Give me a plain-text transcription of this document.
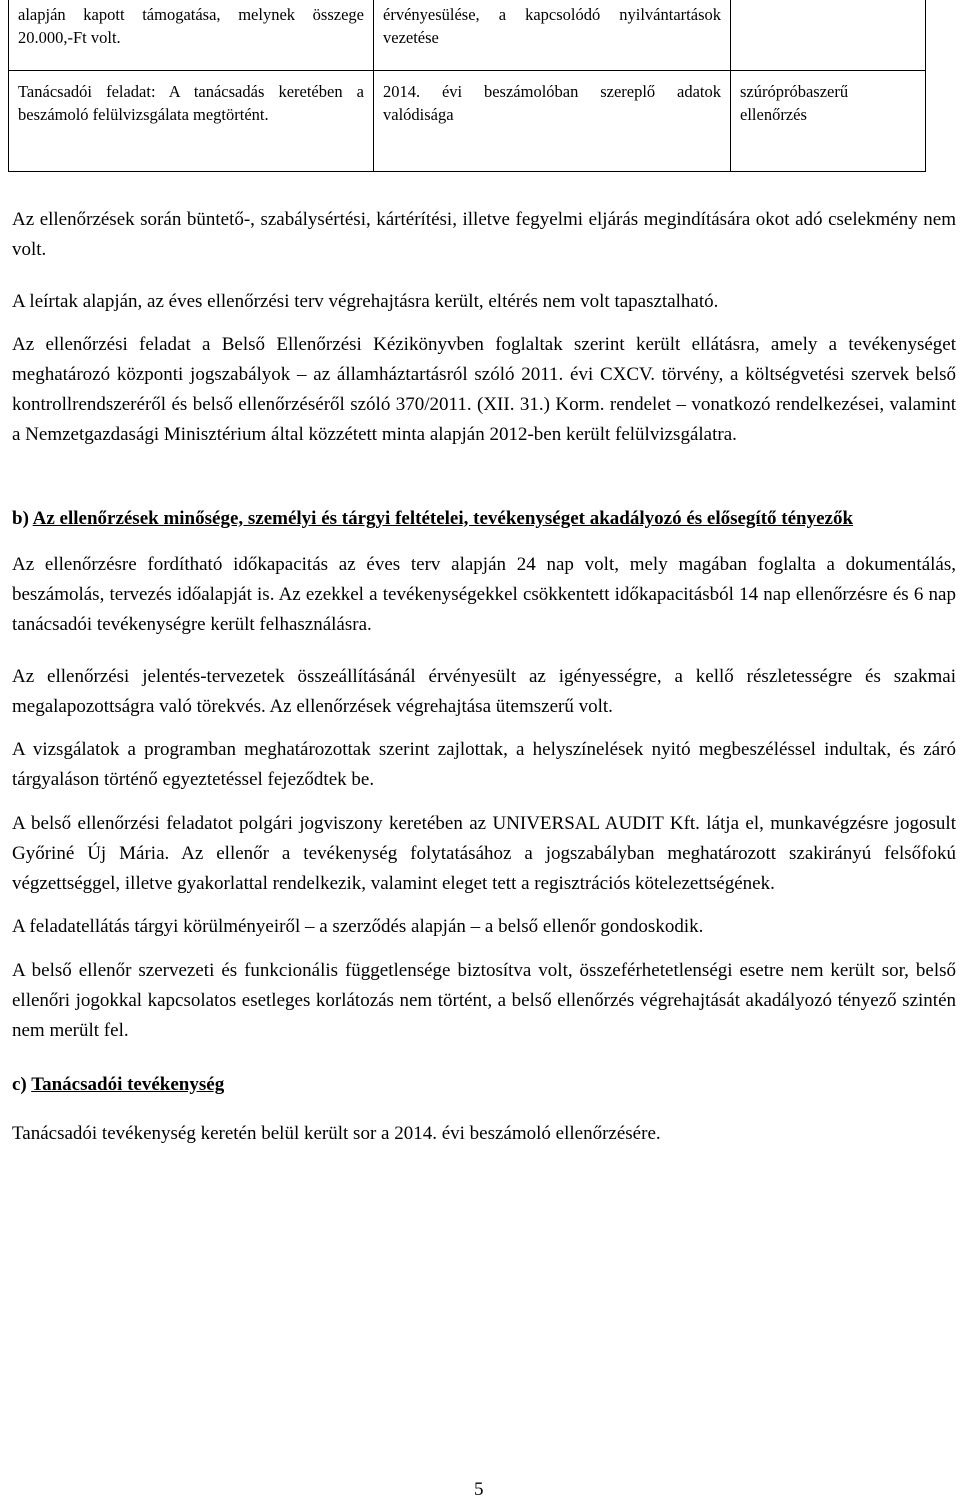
alapján kapott támogatása, melynek összege 20.000,-Ft volt.	érvényesülése, a kapcsolódó nyilvántartások vezetése	
Tanácsadói feladat: A tanácsadás keretében a beszámoló felülvizsgálata megtörtént.	2014. évi beszámolóban szereplő adatok valódisága	szúrópróbaszerű ellenőrzés

Az ellenőrzések során büntető-, szabálysértési, kártérítési, illetve fegyelmi eljárás megindítására okot adó cselekmény nem volt.

A leírtak alapján, az éves ellenőrzési terv végrehajtásra került, eltérés nem volt tapasztalható.

Az ellenőrzési feladat a Belső Ellenőrzési Kézikönyvben foglaltak szerint került ellátásra, amely a tevékenységet meghatározó központi jogszabályok – az államháztartásról szóló 2011. évi CXCV. törvény, a költségvetési szervek belső kontrollrendszeréről és belső ellenőrzéséről szóló 370/2011. (XII. 31.) Korm. rendelet – vonatkozó rendelkezései, valamint a Nemzetgazdasági Minisztérium által közzétett minta alapján 2012-ben került felülvizsgálatra.

b) Az ellenőrzések minősége, személyi és tárgyi feltételei, tevékenységet akadályozó és elősegítő tényezők

Az ellenőrzésre fordítható időkapacitás az éves terv alapján 24 nap volt, mely magában foglalta a dokumentálás, beszámolás, tervezés időalapját is. Az ezekkel a tevékenységekkel csökkentett időkapacitásból 14 nap ellenőrzésre és 6 nap tanácsadói tevékenységre került felhasználásra.

Az ellenőrzési jelentés-tervezetek összeállításánál érvényesült az igényességre, a kellő részletességre és szakmai megalapozottságra való törekvés. Az ellenőrzések végrehajtása ütemszerű volt.

A vizsgálatok a programban meghatározottak szerint zajlottak, a helyszínelések nyitó megbeszéléssel indultak, és záró tárgyaláson történő egyeztetéssel fejeződtek be.

A belső ellenőrzési feladatot polgári jogviszony keretében az UNIVERSAL AUDIT Kft. látja el, munkavégzésre jogosult Győriné Új Mária. Az ellenőr a tevékenység folytatásához a jogszabályban meghatározott szakirányú felsőfokú végzettséggel, illetve gyakorlattal rendelkezik, valamint eleget tett a regisztrációs kötelezettségének.

A feladatellátás tárgyi körülményeiről – a szerződés alapján – a belső ellenőr gondoskodik.

A belső ellenőr szervezeti és funkcionális függetlensége biztosítva volt, összeférhetetlenségi esetre nem került sor, belső ellenőri jogokkal kapcsolatos esetleges korlátozás nem történt, a belső ellenőrzés végrehajtását akadályozó tényező szintén nem merült fel.

c) Tanácsadói tevékenység

Tanácsadói tevékenység keretén belül került sor a 2014. évi beszámoló ellenőrzésére.

5
